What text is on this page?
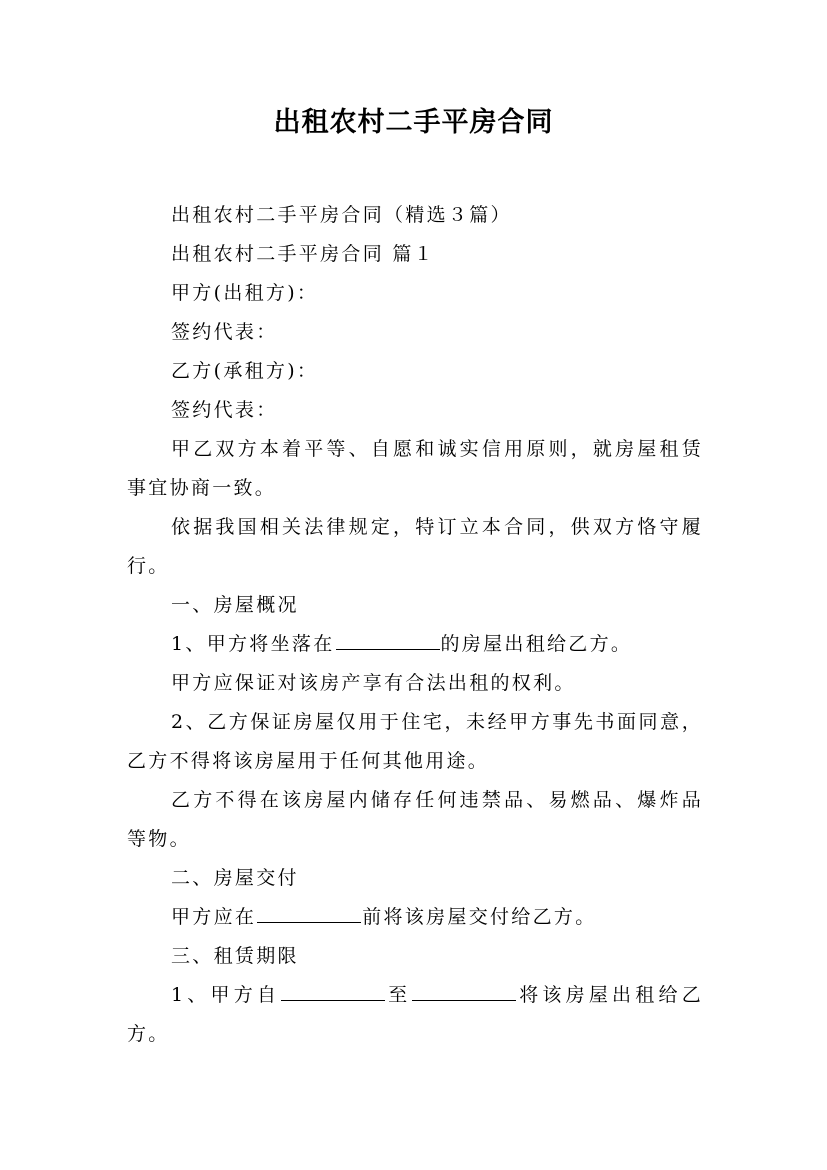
出租农村二手平房合同

出租农村二手平房合同（精选３篇）

出租农村二手平房合同 篇１

甲方(出租方)：

签约代表：

乙方(承租方)：

签约代表：

甲乙双方本着平等、自愿和诚实信用原则，就房屋租赁事宜协商一致。

依据我国相关法律规定，特订立本合同，供双方恪守履行。

一、房屋概况

1、甲方将坐落在	的房屋出租给乙方。

甲方应保证对该房产享有合法出租的权利。

2、乙方保证房屋仅用于住宅，未经甲方事先书面同意，乙方不得将该房屋用于任何其他用途。

乙方不得在该房屋内储存任何违禁品、易燃品、爆炸品等物。

二、房屋交付

甲方应在	前将该房屋交付给乙方。

三、租赁期限

1、甲方自	至	将该房屋出租给乙方。
